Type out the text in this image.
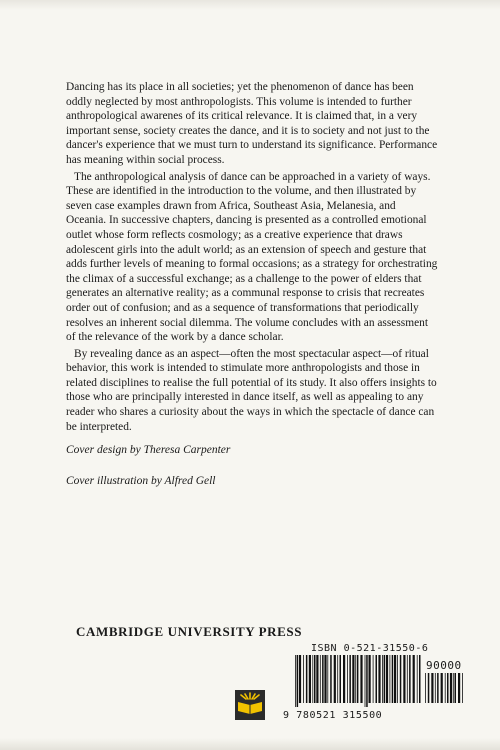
Dancing has its place in all societies; yet the phenomenon of dance has been oddly neglected by most anthropologists. This volume is intended to further anthropological awarenes of its critical relevance. It is claimed that, in a very important sense, society creates the dance, and it is to society and not just to the dancer's experience that we must turn to understand its significance. Performance has meaning within social process.

The anthropological analysis of dance can be approached in a variety of ways. These are identified in the introduction to the volume, and then illustrated by seven case examples drawn from Africa, Southeast Asia, Melanesia, and Oceania. In successive chapters, dancing is presented as a controlled emotional outlet whose form reflects cosmology; as a creative experience that draws adolescent girls into the adult world; as an extension of speech and gesture that adds further levels of meaning to formal occasions; as a strategy for orchestrating the climax of a successful exchange; as a challenge to the power of elders that generates an alternative reality; as a communal response to crisis that recreates order out of confusion; and as a sequence of transformations that periodically resolves an inherent social dilemma. The volume concludes with an assessment of the relevance of the work by a dance scholar.

By revealing dance as an aspect—often the most spectacular aspect—of ritual behavior, this work is intended to stimulate more anthropologists and those in related disciplines to realise the full potential of its study. It also offers insights to those who are principally interested in dance itself, as well as appealing to any reader who shares a curiosity about the ways in which the spectacle of dance can be interpreted.

Cover design by Theresa Carpenter
Cover illustration by Alfred Gell
CAMBRIDGE UNIVERSITY PRESS
ISBN 0-521-31550-6
90000
9 780521 315500
